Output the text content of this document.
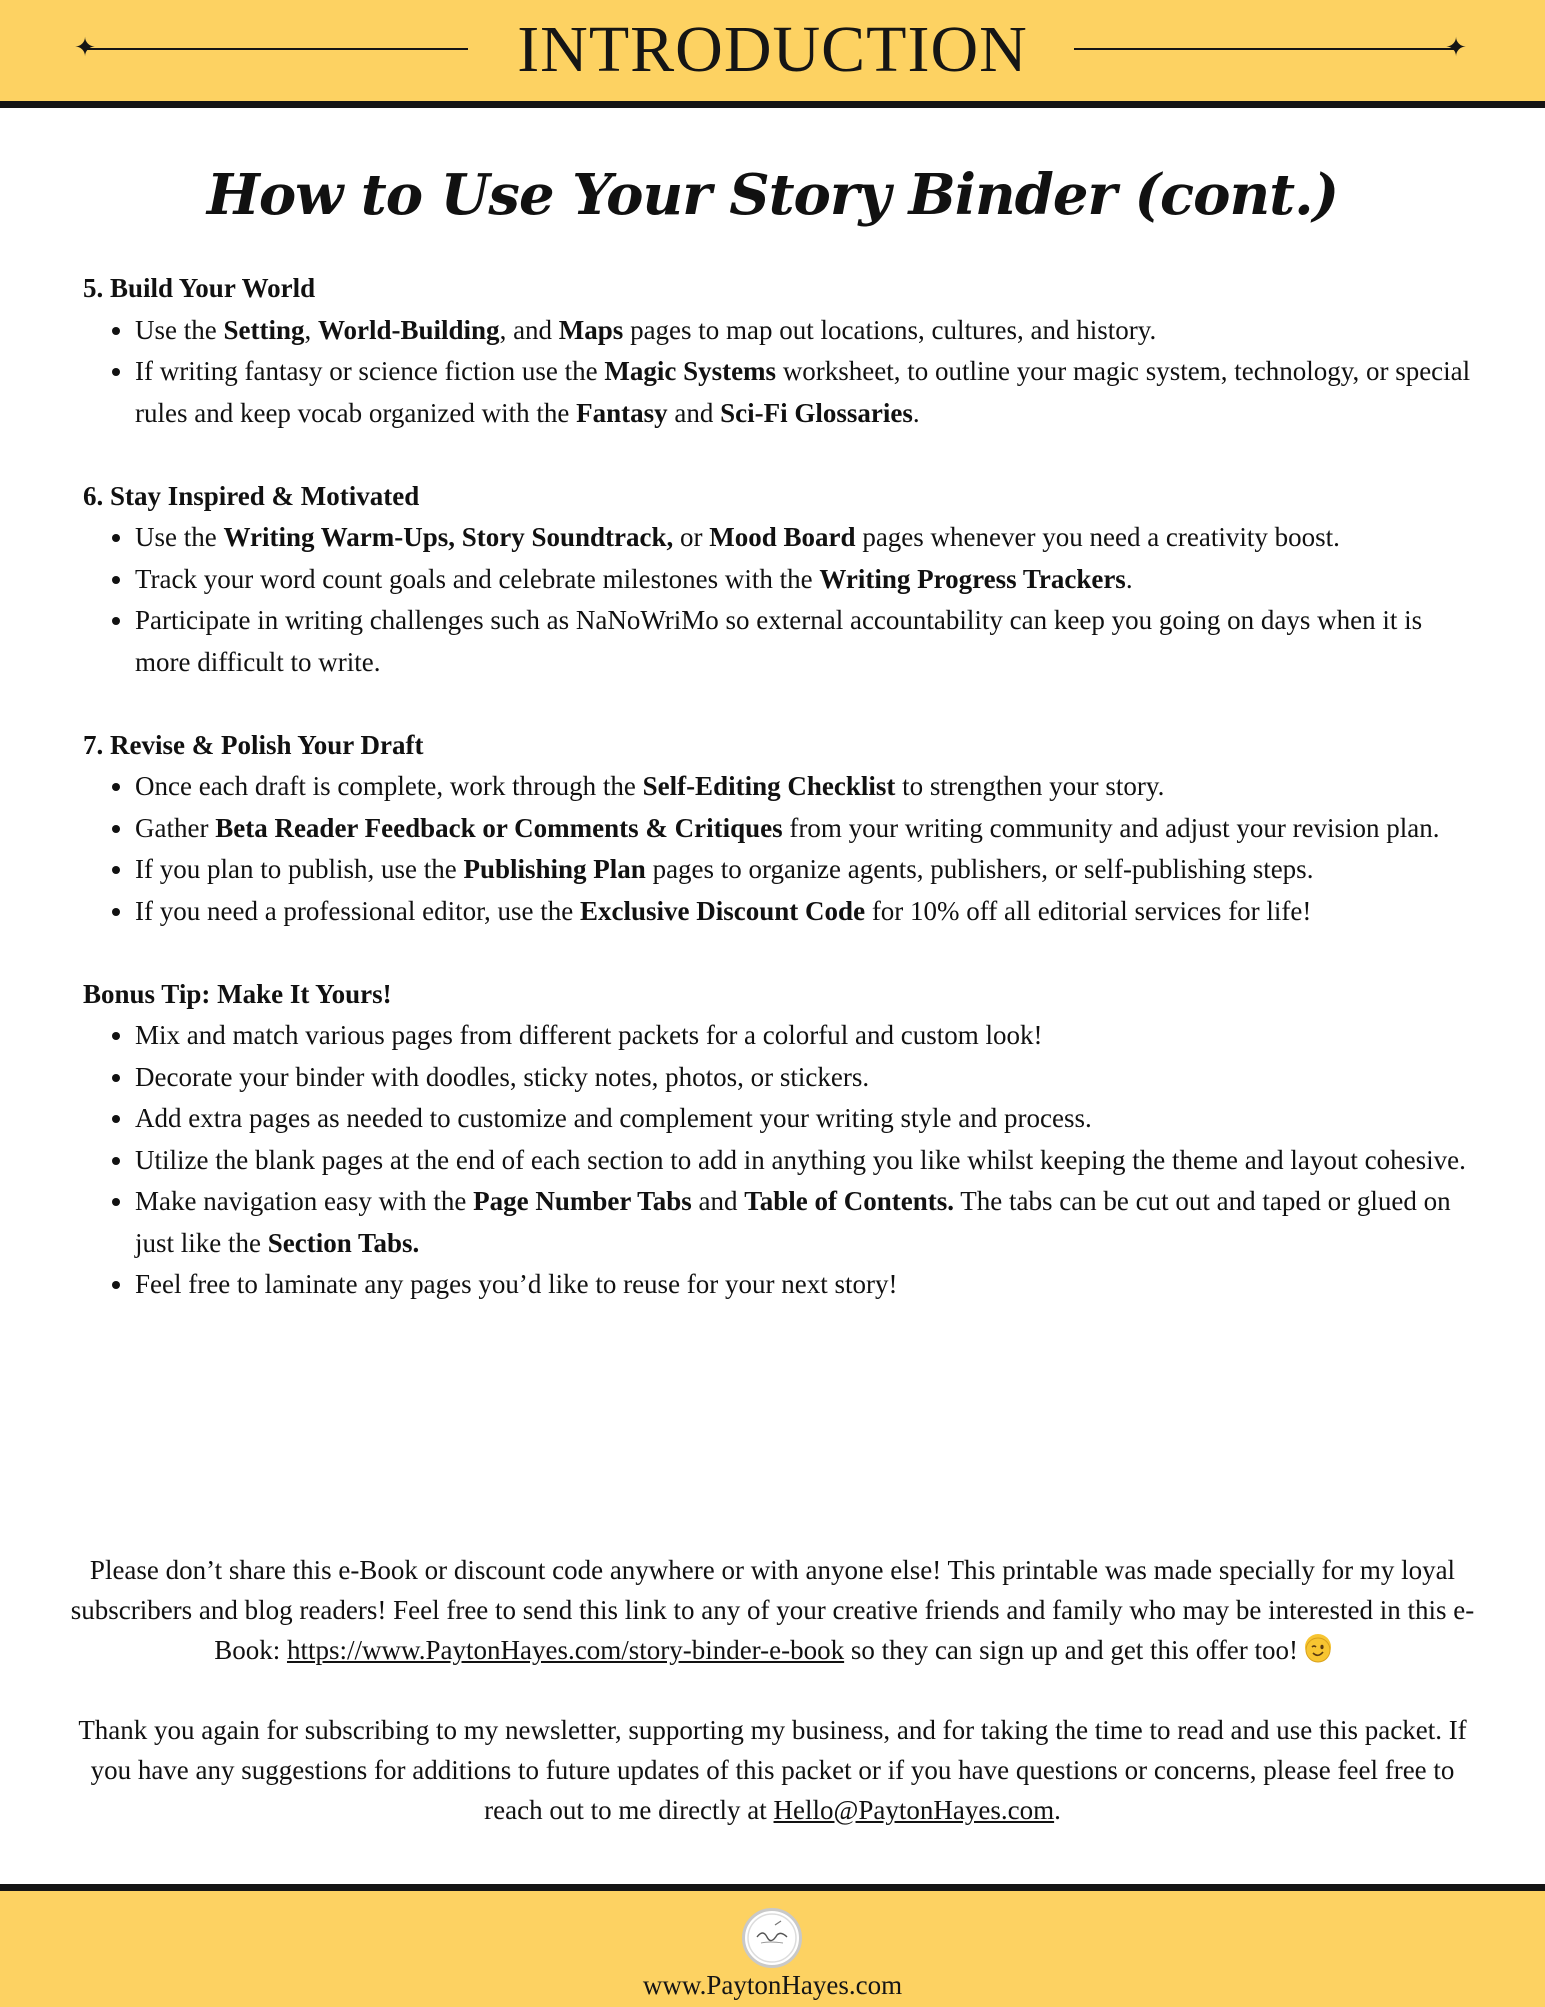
✦	✦
INTRODUCTION
How to Use Your Story Binder (cont.)
5. Build Your World
• Use the Setting, World-Building, and Maps pages to map out locations, cultures, and history.
• If writing fantasy or science fiction use the Magic Systems worksheet, to outline your magic system, technology, or special rules and keep vocab organized with the Fantasy and Sci-Fi Glossaries.
6. Stay Inspired & Motivated
• Use the Writing Warm-Ups, Story Soundtrack, or Mood Board pages whenever you need a creativity boost.
• Track your word count goals and celebrate milestones with the Writing Progress Trackers.
• Participate in writing challenges such as NaNoWriMo so external accountability can keep you going on days when it is more difficult to write.
7. Revise & Polish Your Draft
• Once each draft is complete, work through the Self-Editing Checklist to strengthen your story.
• Gather Beta Reader Feedback or Comments & Critiques from your writing community and adjust your revision plan.
• If you plan to publish, use the Publishing Plan pages to organize agents, publishers, or self-publishing steps.
• If you need a professional editor, use the Exclusive Discount Code for 10% off all editorial services for life!
Bonus Tip: Make It Yours!
• Mix and match various pages from different packets for a colorful and custom look!
• Decorate your binder with doodles, sticky notes, photos, or stickers.
• Add extra pages as needed to customize and complement your writing style and process.
• Utilize the blank pages at the end of each section to add in anything you like whilst keeping the theme and layout cohesive.
• Make navigation easy with the Page Number Tabs and Table of Contents. The tabs can be cut out and taped or glued on just like the Section Tabs.
• Feel free to laminate any pages you’d like to reuse for your next story!

Please don’t share this e-Book or discount code anywhere or with anyone else! This printable was made specially for my loyal subscribers and blog readers! Feel free to send this link to any of your creative friends and family who may be interested in this e-Book: https://www.PaytonHayes.com/story-binder-e-book so they can sign up and get this offer too!

Thank you again for subscribing to my newsletter, supporting my business, and for taking the time to read and use this packet. If you have any suggestions for additions to future updates of this packet or if you have questions or concerns, please feel free to reach out to me directly at Hello@PaytonHayes.com.

www.PaytonHayes.com
